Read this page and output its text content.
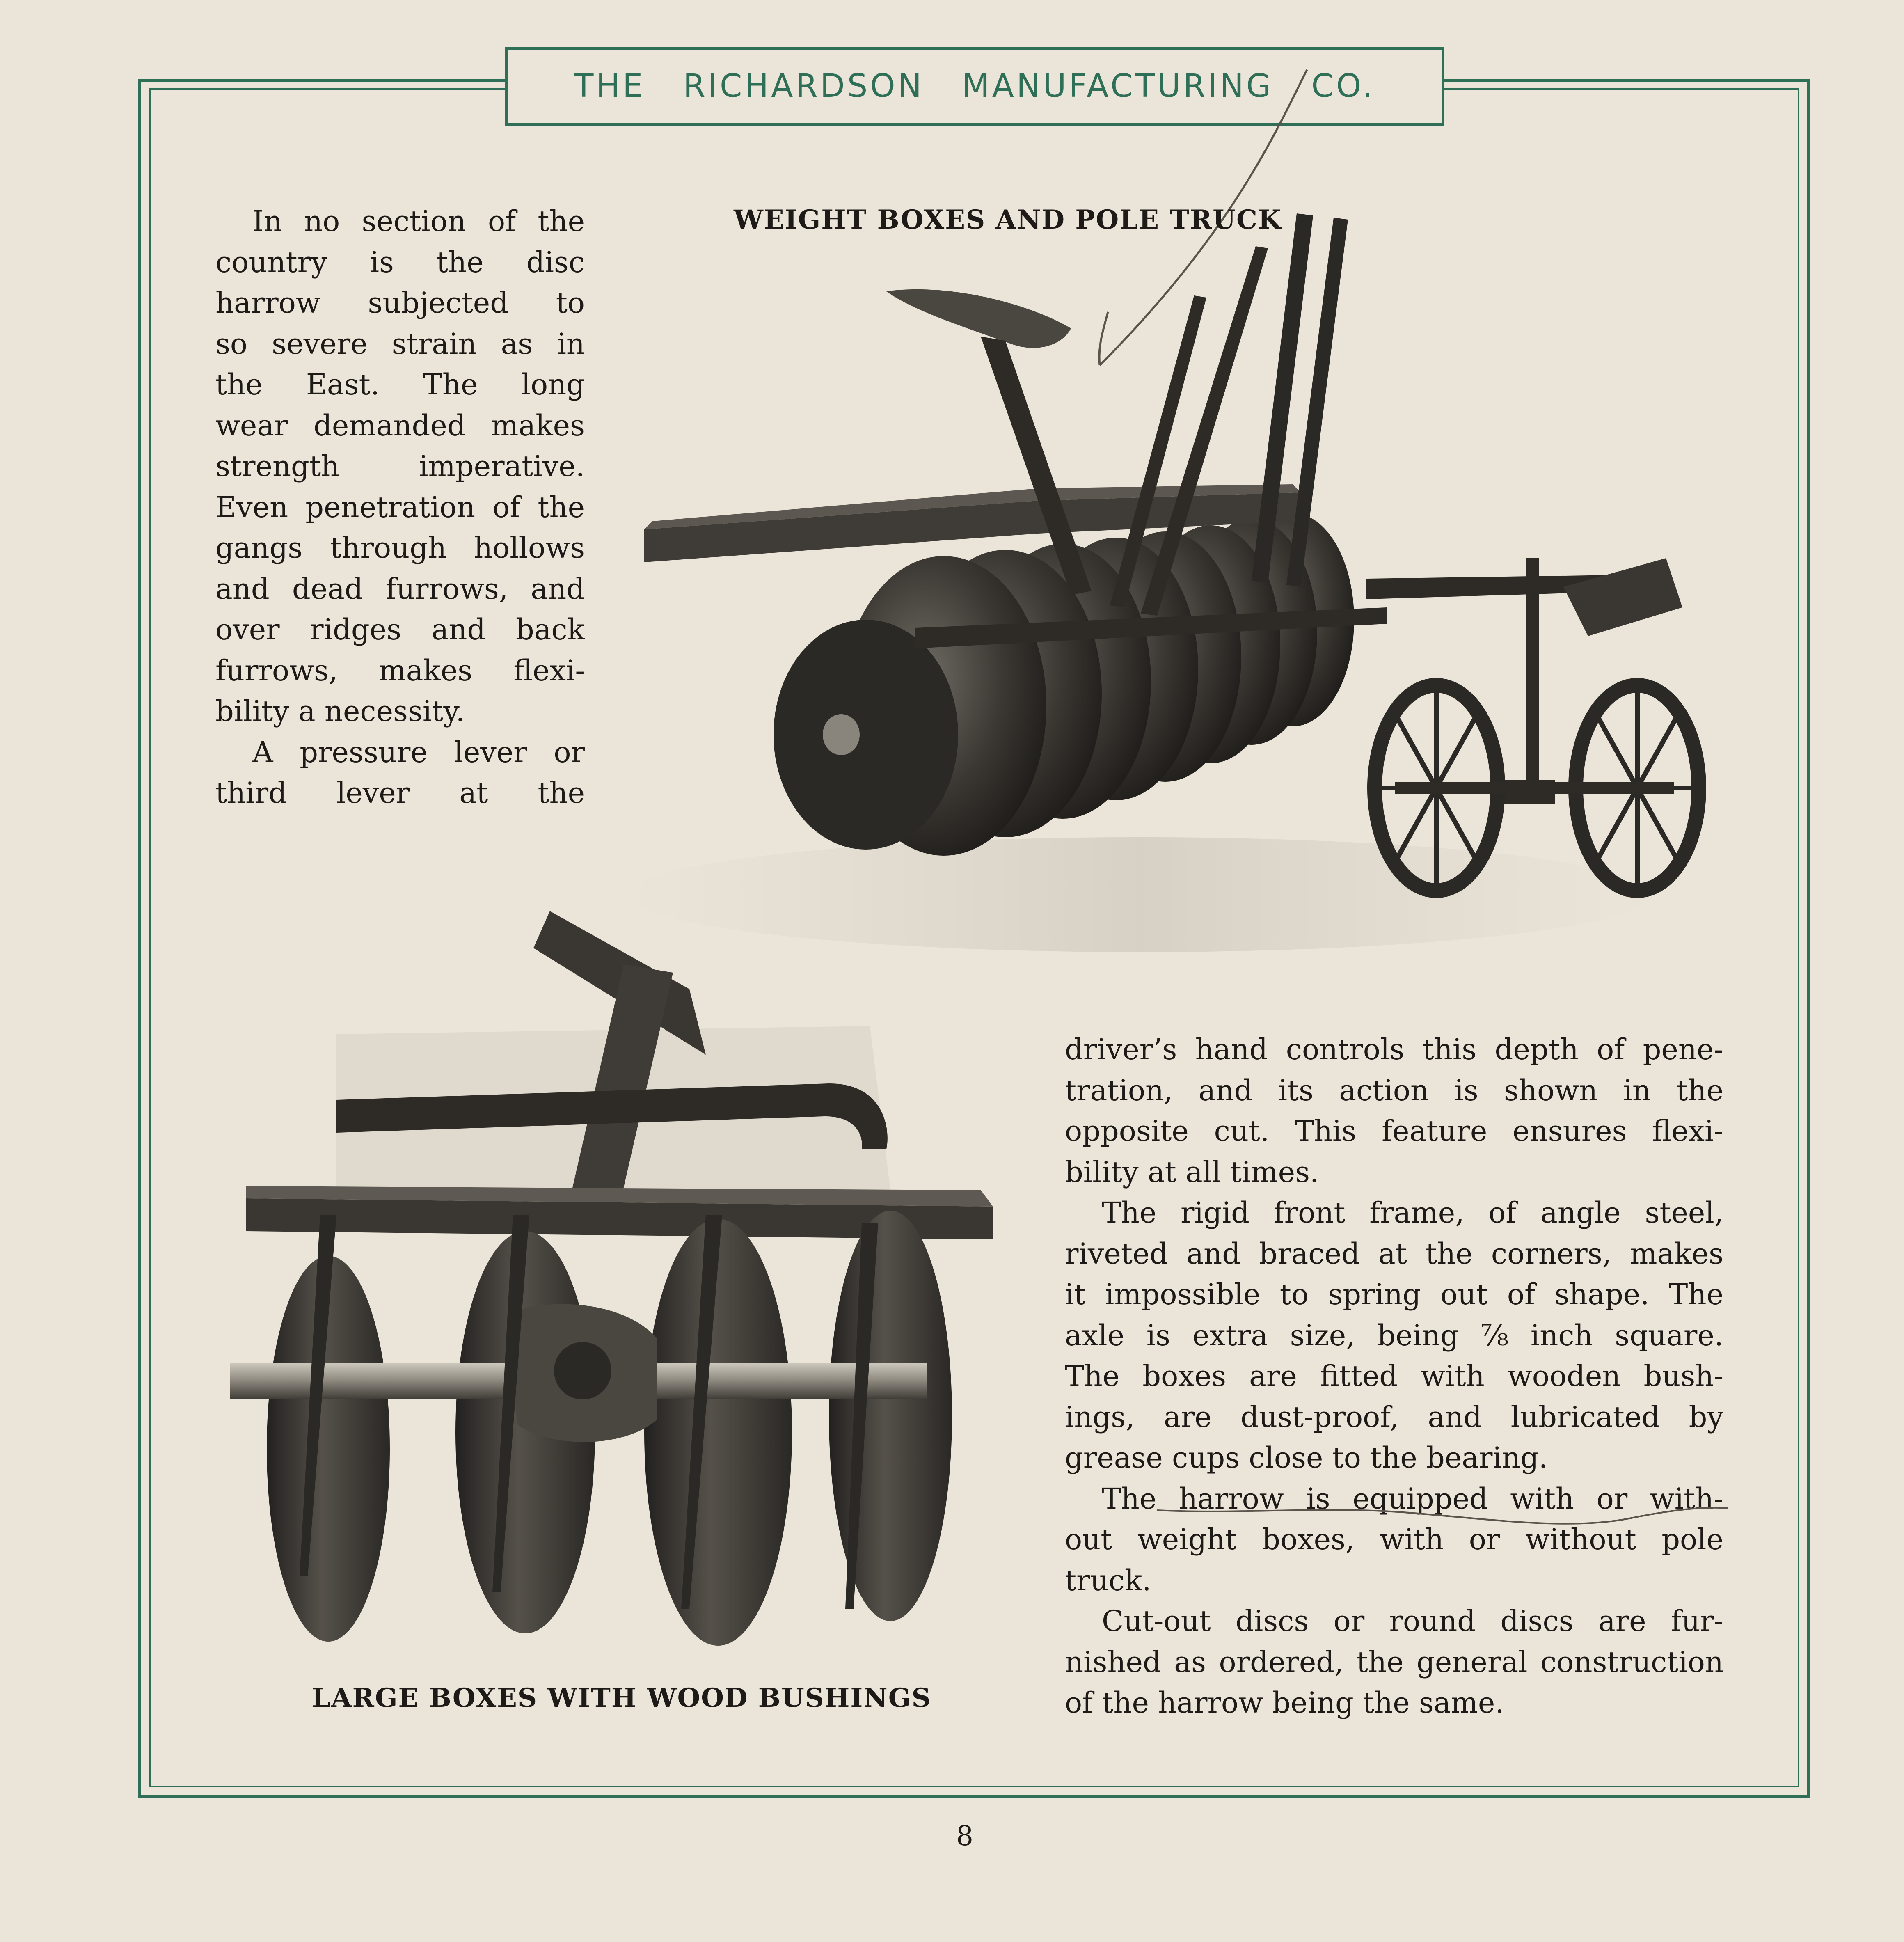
THE   RICHARDSON   MANUFACTURING   CO.

In no section of the

country is the disc

harrow subjected to

so severe strain as in

the East. The long

wear demanded makes

strength imperative.

Even penetration of the

gangs through hollows

and dead furrows, and

over ridges and back

furrows, makes flexi-

bility a necessity.

A pressure lever or

third lever at the

WEIGHT BOXES AND POLE TRUCK

driver’s hand controls this depth of pene-

tration, and its action is shown in the

opposite cut. This feature ensures flexi-

bility at all times.

The rigid front frame, of angle steel,

riveted and braced at the corners, makes

it impossible to spring out of shape. The

axle is extra size, being ⅞ inch square.

The boxes are fitted with wooden bush-

ings, are dust-proof, and lubricated by

grease cups close to the bearing.

The harrow is equipped with or with-

out weight boxes, with or without pole

truck.

Cut-out discs or round discs are fur-

nished as ordered, the general construction

of the harrow being the same.

LARGE BOXES WITH WOOD BUSHINGS
8
